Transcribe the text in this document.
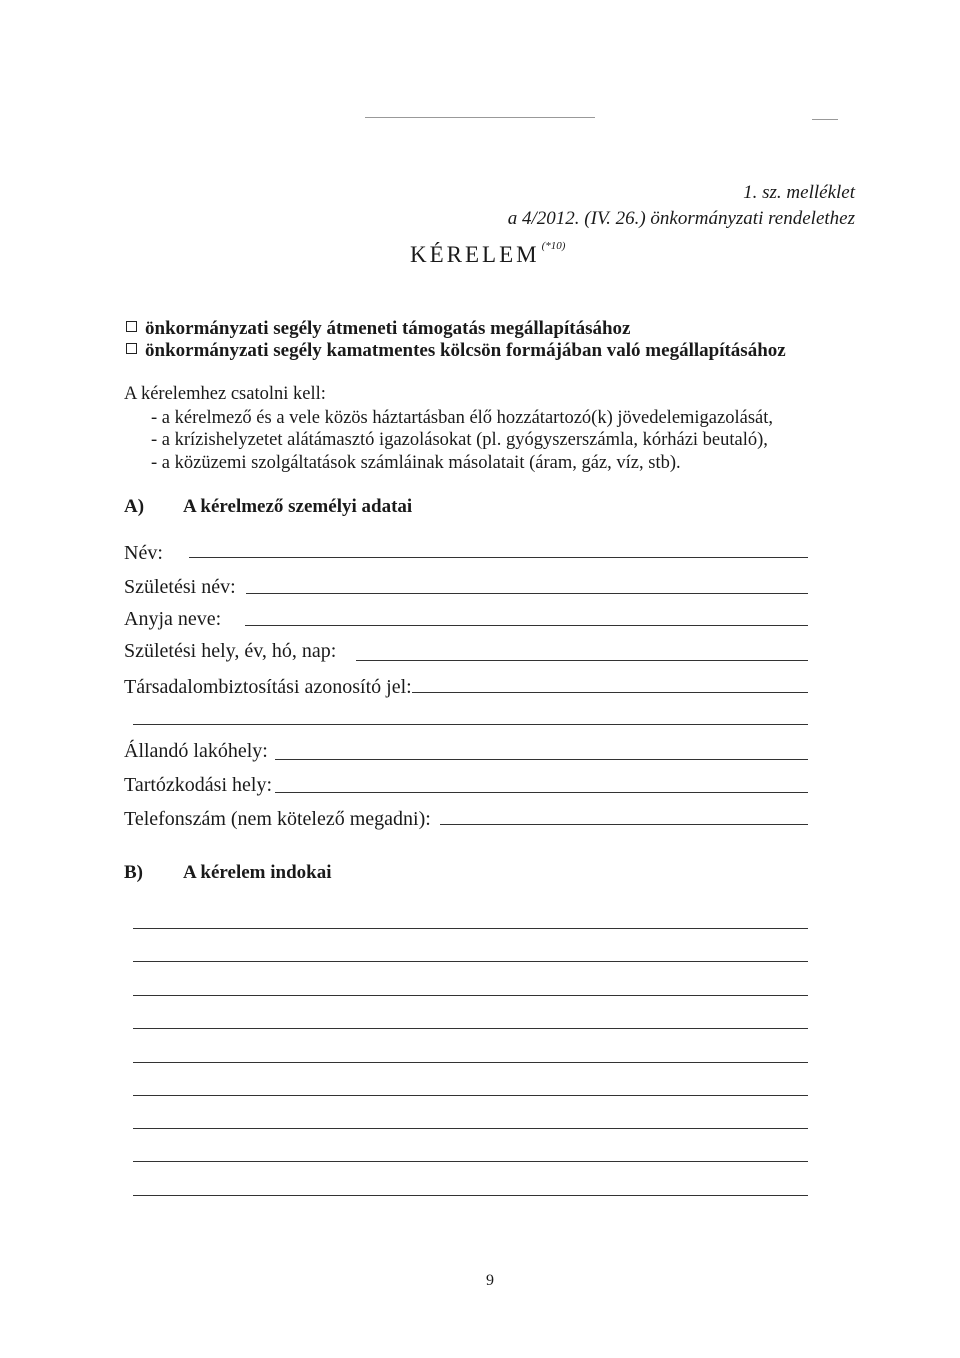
1. sz. melléklet
a 4/2012. (IV. 26.) önkormányzati rendelethez
KÉRELEM $^{(*10)}$
önkormányzati segély átmeneti támogatás megállapításához
önkormányzati segély kamatmentes kölcsön formájában való megállapításához
A kérelemhez csatolni kell:
- a kérelmező és a vele közös háztartásban élő hozzátartozó(k) jövedelemigazolását,
- a krízishelyzetet alátámasztó igazolásokat (pl. gyógyszerszámla, kórházi beutaló),
- a közüzemi szolgáltatások számláinak másolatait (áram, gáz, víz, stb).
A) A kérelmező személyi adatai
Név:
Születési név:
Anyja neve:
Születési hely, év, hó, nap:
Társadalombiztosítási azonosító jel:
Állandó lakóhely:
Tartózkodási hely:
Telefonszám (nem kötelező megadni):
B) A kérelem indokai
9
